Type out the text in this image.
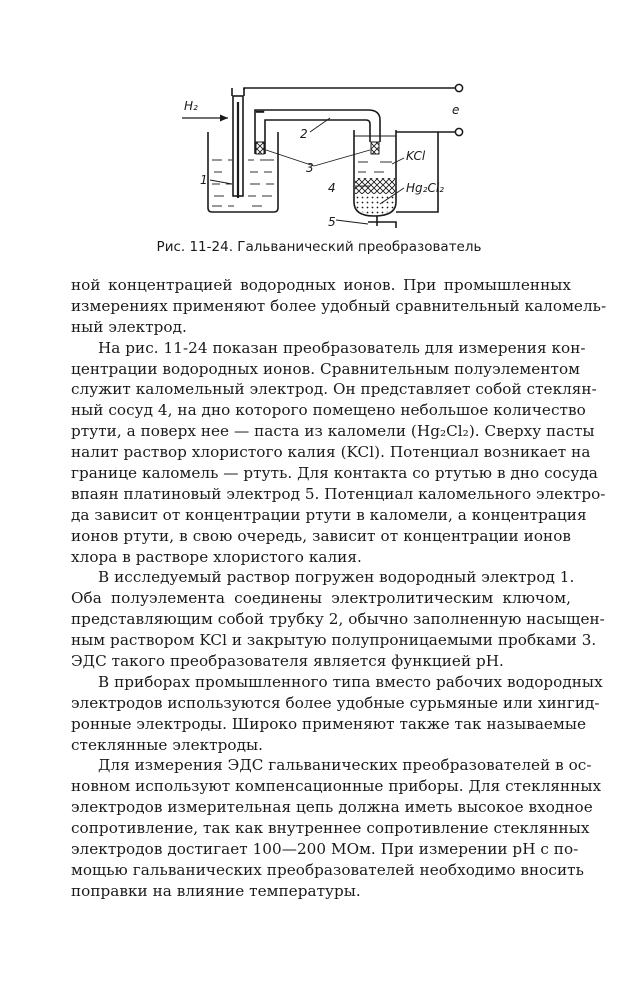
H₂	e
1
2
3
4
5
KCl
Hg₂Cl₂
Рис. 11-24. Гальванический преобразователь

ной концентрацией водородных ионов. При промышленных
измерениях применяют более удобный сравнительный каломель-
ный электрод.

На рис. 11-24 показан преобразователь для измерения кон-
центрации водородных ионов. Сравнительным полуэлементом
служит каломельный электрод. Он представляет собой стеклян-
ный сосуд 4, на дно которого помещено небольшое количество
ртути, а поверх нее — паста из каломели (Hg₂Cl₂). Сверху пасты
налит раствор хлористого калия (KCl). Потенциал возникает на
границе каломель — ртуть. Для контакта со ртутью в дно сосуда
впаян платиновый электрод 5. Потенциал каломельного электро-
да зависит от концентрации ртути в каломели, а концентрация
ионов ртути, в свою очередь, зависит от концентрации ионов
хлора в растворе хлористого калия.

В исследуемый раствор погружен водородный электрод 1.
Оба полуэлемента соединены электролитическим ключом,
представляющим собой трубку 2, обычно заполненную насыщен-
ным раствором KCl и закрытую полупроницаемыми пробками 3.
ЭДС такого преобразователя является функцией pH.

В приборах промышленного типа вместо рабочих водородных
электродов используются более удобные сурьмяные или хингид-
ронные электроды. Широко применяют также так называемые
стеклянные электроды.

Для измерения ЭДС гальванических преобразователей в ос-
новном используют компенсационные приборы. Для стеклянных
электродов измерительная цепь должна иметь высокое входное
сопротивление, так как внутреннее сопротивление стеклянных
электродов достигает 100—200 МОм. При измерении pH с по-
мощью гальванических преобразователей необходимо вносить
поправки на влияние температуры.
